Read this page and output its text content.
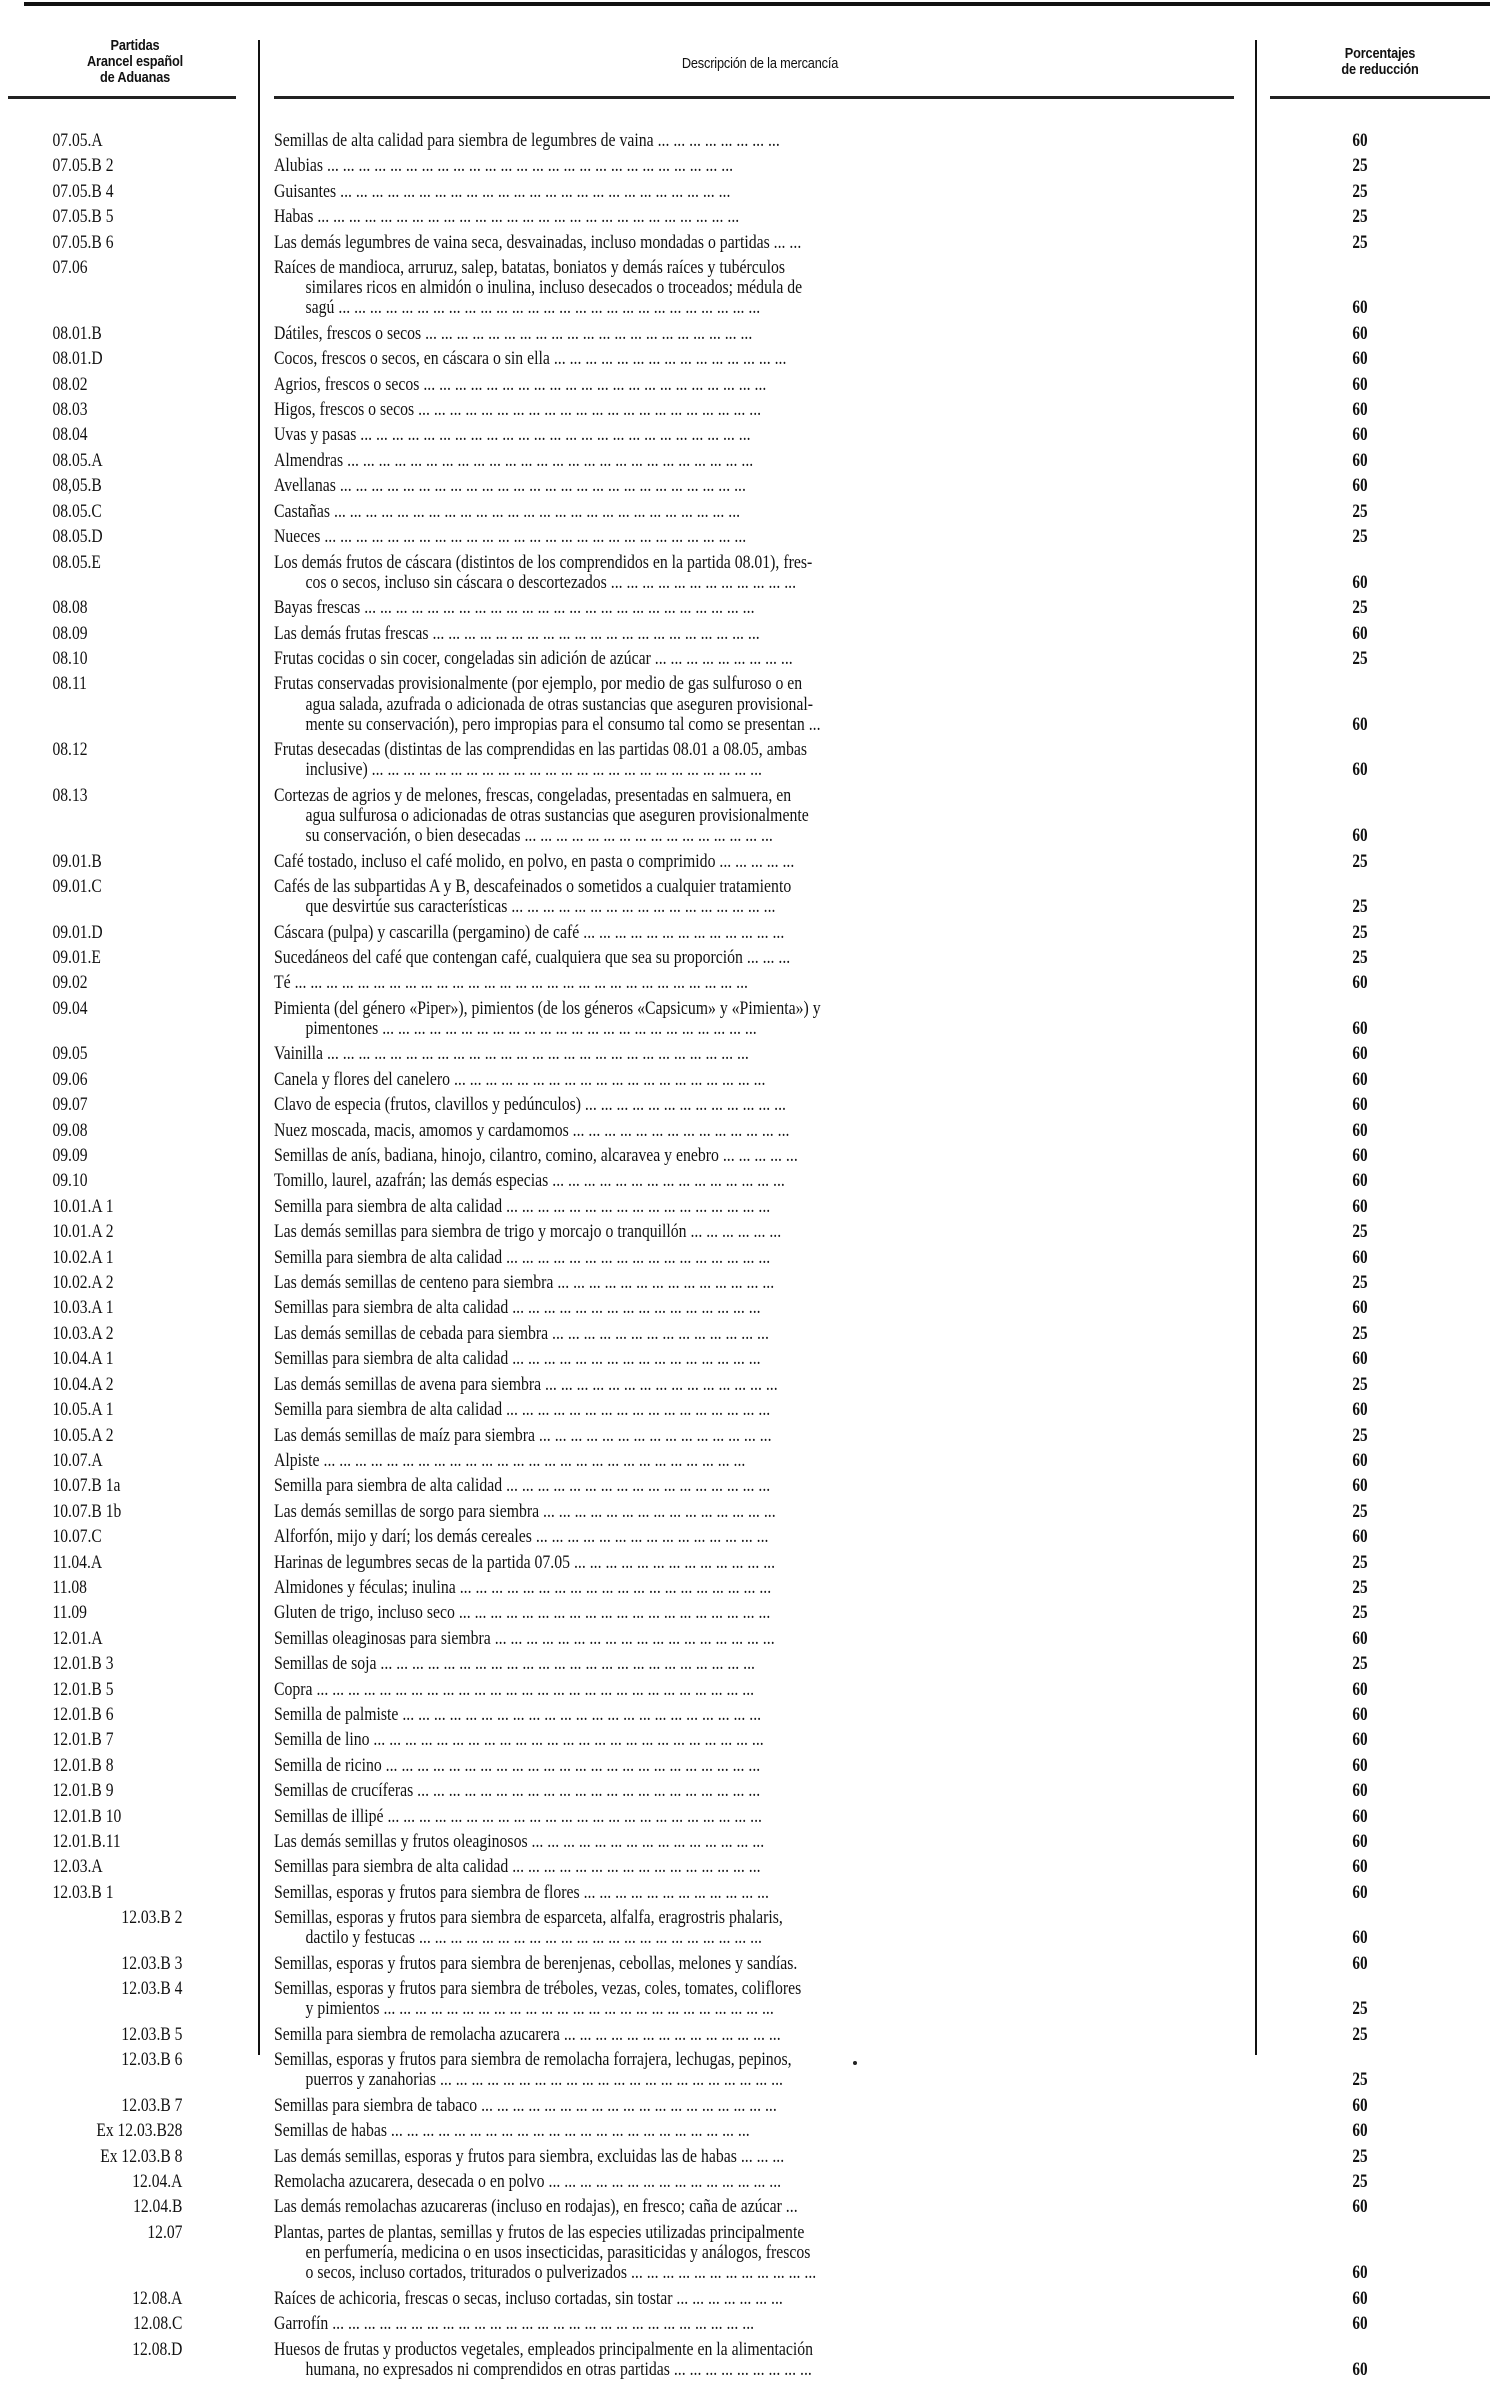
Partidas
Arancel español
de Aduanas
Descripción de la mercancía
Porcentajes
de reducción
07.05.A	Semillas de alta calidad para siembra de legumbres de vaina ... ... ... ... ... ... ... ...	60
07.05.B 2	Alubias ... ... ... ... ... ... ... ... ... ... ... ... ... ... ... ... ... ... ... ... ... ... ... ... ... ...	25
07.05.B 4	Guisantes ... ... ... ... ... ... ... ... ... ... ... ... ... ... ... ... ... ... ... ... ... ... ... ... ...	25
07.05.B 5	Habas ... ... ... ... ... ... ... ... ... ... ... ... ... ... ... ... ... ... ... ... ... ... ... ... ... ... ...	25
07.05.B 6	Las demás legumbres de vaina seca, desvainadas, incluso mondadas o partidas ... ...	25
07.06	Raíces de mandioca, arruruz, salep, batatas, boniatos y demás raíces y tubérculos
similares ricos en almidón o inulina, incluso desecados o troceados; médula de
sagú ... ... ... ... ... ... ... ... ... ... ... ... ... ... ... ... ... ... ... ... ... ... ... ... ... ... ...	60
08.01.B	Dátiles, frescos o secos ... ... ... ... ... ... ... ... ... ... ... ... ... ... ... ... ... ... ... ... ...	60
08.01.D	Cocos, frescos o secos, en cáscara o sin ella ... ... ... ... ... ... ... ... ... ... ... ... ... ... ...	60
08.02	Agrios, frescos o secos ... ... ... ... ... ... ... ... ... ... ... ... ... ... ... ... ... ... ... ... ... ...	60
08.03	Higos, frescos o secos ... ... ... ... ... ... ... ... ... ... ... ... ... ... ... ... ... ... ... ... ... ...	60
08.04	Uvas y pasas ... ... ... ... ... ... ... ... ... ... ... ... ... ... ... ... ... ... ... ... ... ... ... ... ...	60
08.05.A	Almendras ... ... ... ... ... ... ... ... ... ... ... ... ... ... ... ... ... ... ... ... ... ... ... ... ... ...	60
08,05.B	Avellanas ... ... ... ... ... ... ... ... ... ... ... ... ... ... ... ... ... ... ... ... ... ... ... ... ... ...	60
08.05.C	Castañas ... ... ... ... ... ... ... ... ... ... ... ... ... ... ... ... ... ... ... ... ... ... ... ... ... ...	25
08.05.D	Nueces ... ... ... ... ... ... ... ... ... ... ... ... ... ... ... ... ... ... ... ... ... ... ... ... ... ... ...	25
08.05.E	Los demás frutos de cáscara (distintos de los comprendidos en la partida 08.01), fres-
cos o secos, incluso sin cáscara o descortezados ... ... ... ... ... ... ... ... ... ... ... ...	60
08.08	Bayas frescas ... ... ... ... ... ... ... ... ... ... ... ... ... ... ... ... ... ... ... ... ... ... ... ... ...	25
08.09	Las demás frutas frescas ... ... ... ... ... ... ... ... ... ... ... ... ... ... ... ... ... ... ... ... ...	60
08.10	Frutas cocidas o sin cocer, congeladas sin adición de azúcar ... ... ... ... ... ... ... ... ...	25
08.11	Frutas conservadas provisionalmente (por ejemplo, por medio de gas sulfuroso o en
agua salada, azufrada o adicionada de otras sustancias que aseguren provisional-
mente su conservación), pero impropias para el consumo tal como se presentan ...	60
08.12	Frutas desecadas (distintas de las comprendidas en las partidas 08.01 a 08.05, ambas
inclusive) ... ... ... ... ... ... ... ... ... ... ... ... ... ... ... ... ... ... ... ... ... ... ... ... ...	60
08.13	Cortezas de agrios y de melones, frescas, congeladas, presentadas en salmuera, en
agua sulfurosa o adicionadas de otras sustancias que aseguren provisionalmente
su conservación, o bien desecadas ... ... ... ... ... ... ... ... ... ... ... ... ... ... ... ...	60
09.01.B	Café tostado, incluso el café molido, en polvo, en pasta o comprimido ... ... ... ... ...	25
09.01.C	Cafés de las subpartidas A y B, descafeinados o sometidos a cualquier tratamiento
que desvirtúe sus características ... ... ... ... ... ... ... ... ... ... ... ... ... ... ... ... ...	25
09.01.D	Cáscara (pulpa) y cascarilla (pergamino) de café ... ... ... ... ... ... ... ... ... ... ... ... ...	25
09.01.E	Sucedáneos del café que contengan café, cualquiera que sea su proporción ... ... ...	25
09.02	Té ... ... ... ... ... ... ... ... ... ... ... ... ... ... ... ... ... ... ... ... ... ... ... ... ... ... ... ... ...	60
09.04	Pimienta (del género «Piper»), pimientos (de los géneros «Capsicum» y «Pimienta») y
pimentones ... ... ... ... ... ... ... ... ... ... ... ... ... ... ... ... ... ... ... ... ... ... ... ...	60
09.05	Vainilla ... ... ... ... ... ... ... ... ... ... ... ... ... ... ... ... ... ... ... ... ... ... ... ... ... ... ...	60
09.06	Canela y flores del canelero ... ... ... ... ... ... ... ... ... ... ... ... ... ... ... ... ... ... ... ...	60
09.07	Clavo de especia (frutos, clavillos y pedúnculos) ... ... ... ... ... ... ... ... ... ... ... ... ...	60
09.08	Nuez moscada, macis, amomos y cardamomos ... ... ... ... ... ... ... ... ... ... ... ... ... ...	60
09.09	Semillas de anís, badiana, hinojo, cilantro, comino, alcaravea y enebro ... ... ... ... ...	60
09.10	Tomillo, laurel, azafrán; las demás especias ... ... ... ... ... ... ... ... ... ... ... ... ... ... ...	60
10.01.A 1	Semilla para siembra de alta calidad ... ... ... ... ... ... ... ... ... ... ... ... ... ... ... ... ...	60
10.01.A 2	Las demás semillas para siembra de trigo y morcajo o tranquillón ... ... ... ... ... ...	25
10.02.A 1	Semilla para siembra de alta calidad ... ... ... ... ... ... ... ... ... ... ... ... ... ... ... ... ...	60
10.02.A 2	Las demás semillas de centeno para siembra ... ... ... ... ... ... ... ... ... ... ... ... ... ...	25
10.03.A 1	Semillas para siembra de alta calidad ... ... ... ... ... ... ... ... ... ... ... ... ... ... ... ...	60
10.03.A 2	Las demás semillas de cebada para siembra ... ... ... ... ... ... ... ... ... ... ... ... ... ...	25
10.04.A 1	Semillas para siembra de alta calidad ... ... ... ... ... ... ... ... ... ... ... ... ... ... ... ...	60
10.04.A 2	Las demás semillas de avena para siembra ... ... ... ... ... ... ... ... ... ... ... ... ... ... ...	25
10.05.A 1	Semilla para siembra de alta calidad ... ... ... ... ... ... ... ... ... ... ... ... ... ... ... ... ...	60
10.05.A 2	Las demás semillas de maíz para siembra ... ... ... ... ... ... ... ... ... ... ... ... ... ... ...	25
10.07.A	Alpiste ... ... ... ... ... ... ... ... ... ... ... ... ... ... ... ... ... ... ... ... ... ... ... ... ... ... ...	60
10.07.B 1a	Semilla para siembra de alta calidad ... ... ... ... ... ... ... ... ... ... ... ... ... ... ... ... ...	60
10.07.B 1b	Las demás semillas de sorgo para siembra ... ... ... ... ... ... ... ... ... ... ... ... ... ... ...	25
10.07.C	Alforfón, mijo y darí; los demás cereales ... ... ... ... ... ... ... ... ... ... ... ... ... ... ...	60
11.04.A	Harinas de legumbres secas de la partida 07.05 ... ... ... ... ... ... ... ... ... ... ... ... ...	25
11.08	Almidones y féculas; inulina ... ... ... ... ... ... ... ... ... ... ... ... ... ... ... ... ... ... ... ...	25
11.09	Gluten de trigo, incluso seco ... ... ... ... ... ... ... ... ... ... ... ... ... ... ... ... ... ... ... ...	25
12.01.A	Semillas oleaginosas para siembra ... ... ... ... ... ... ... ... ... ... ... ... ... ... ... ... ... ...	60
12.01.B 3	Semillas de soja ... ... ... ... ... ... ... ... ... ... ... ... ... ... ... ... ... ... ... ... ... ... ... ...	25
12.01.B 5	Copra ... ... ... ... ... ... ... ... ... ... ... ... ... ... ... ... ... ... ... ... ... ... ... ... ... ... ... ...	60
12.01.B 6	Semilla de palmiste ... ... ... ... ... ... ... ... ... ... ... ... ... ... ... ... ... ... ... ... ... ... ...	60
12.01.B 7	Semilla de lino ... ... ... ... ... ... ... ... ... ... ... ... ... ... ... ... ... ... ... ... ... ... ... ... ...	60
12.01.B 8	Semilla de ricino ... ... ... ... ... ... ... ... ... ... ... ... ... ... ... ... ... ... ... ... ... ... ... ...	60
12.01.B 9	Semillas de crucíferas ... ... ... ... ... ... ... ... ... ... ... ... ... ... ... ... ... ... ... ... ... ...	60
12.01.B 10	Semillas de illipé ... ... ... ... ... ... ... ... ... ... ... ... ... ... ... ... ... ... ... ... ... ... ... ...	60
12.01.B.11	Las demás semillas y frutos oleaginosos ... ... ... ... ... ... ... ... ... ... ... ... ... ... ...	60
12.03.A	Semillas para siembra de alta calidad ... ... ... ... ... ... ... ... ... ... ... ... ... ... ... ...	60
12.03.B 1	Semillas, esporas y frutos para siembra de flores ... ... ... ... ... ... ... ... ... ... ... ...	60
12.03.B 2	Semillas, esporas y frutos para siembra de esparceta, alfalfa, eragrostris phalaris,
dactilo y festucas ... ... ... ... ... ... ... ... ... ... ... ... ... ... ... ... ... ... ... ... ... ...	60
12.03.B 3	Semillas, esporas y frutos para siembra de berenjenas, cebollas, melones y sandías.	60
12.03.B 4	Semillas, esporas y frutos para siembra de tréboles, vezas, coles, tomates, coliflores
y pimientos ... ... ... ... ... ... ... ... ... ... ... ... ... ... ... ... ... ... ... ... ... ... ... ... ...	25
12.03.B 5	Semilla para siembra de remolacha azucarera ... ... ... ... ... ... ... ... ... ... ... ... ... ...	25
12.03.B 6	Semillas, esporas y frutos para siembra de remolacha forrajera, lechugas, pepinos,
puerros y zanahorias ... ... ... ... ... ... ... ... ... ... ... ... ... ... ... ... ... ... ... ... ... ...	25
12.03.B 7	Semillas para siembra de tabaco ... ... ... ... ... ... ... ... ... ... ... ... ... ... ... ... ... ... ...	60
Ex 12.03.B28	Semillas de habas ... ... ... ... ... ... ... ... ... ... ... ... ... ... ... ... ... ... ... ... ... ... ...	60
Ex 12.03.B 8	Las demás semillas, esporas y frutos para siembra, excluidas las de habas ... ... ...	25
12.04.A	Remolacha azucarera, desecada o en polvo ... ... ... ... ... ... ... ... ... ... ... ... ... ... ...	25
12.04.B	Las demás remolachas azucareras (incluso en rodajas), en fresco; caña de azúcar ...	60
12.07	Plantas, partes de plantas, semillas y frutos de las especies utilizadas principalmente
en perfumería, medicina o en usos insecticidas, parasiticidas y análogos, frescos
o secos, incluso cortados, triturados o pulverizados ... ... ... ... ... ... ... ... ... ... ... ...	60
12.08.A	Raíces de achicoria, frescas o secas, incluso cortadas, sin tostar ... ... ... ... ... ... ...	60
12.08.C	Garrofín ... ... ... ... ... ... ... ... ... ... ... ... ... ... ... ... ... ... ... ... ... ... ... ... ... ... ...	60
12.08.D	Huesos de frutas y productos vegetales, empleados principalmente en la alimentación
humana, no expresados ni comprendidos en otras partidas ... ... ... ... ... ... ... ... ...	60
